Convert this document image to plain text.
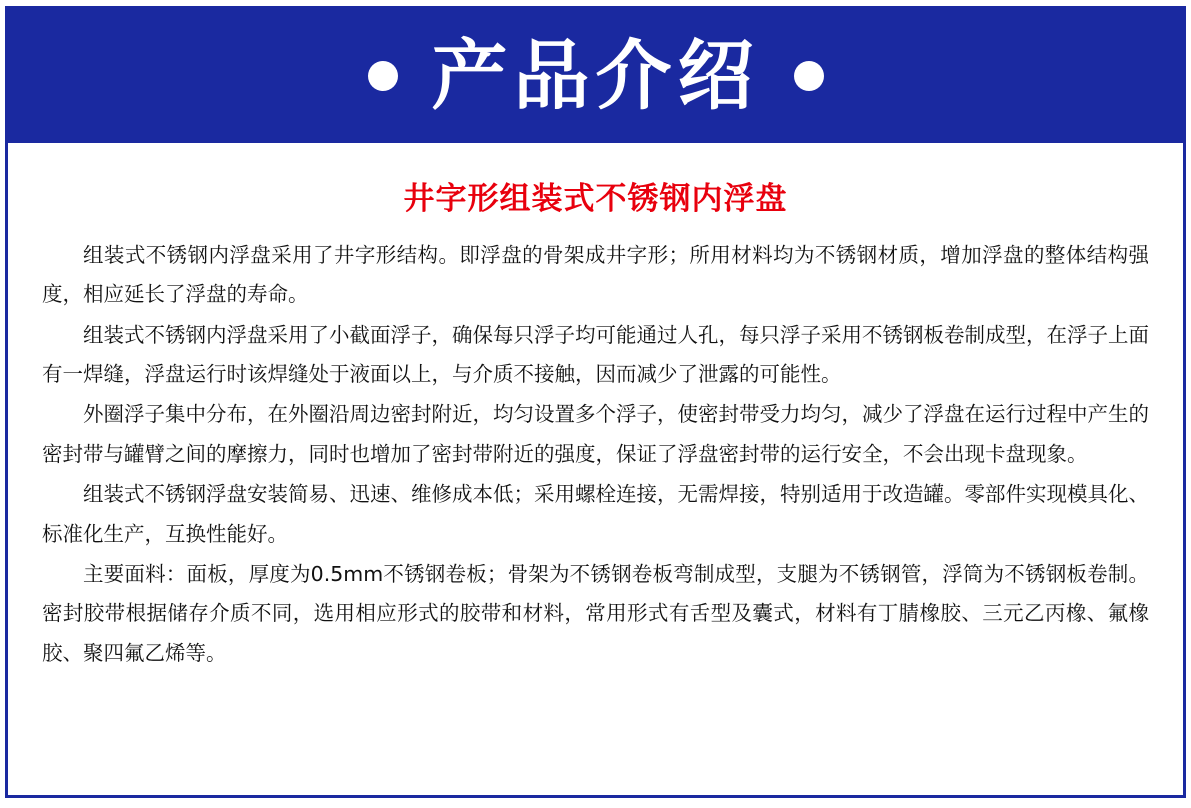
产品介绍
井字形组装式不锈钢内浮盘

组装式不锈钢内浮盘采用了井字形结构。即浮盘的骨架成井字形；所用材料均为不锈钢材质，增加浮盘的整体结构强度，相应延长了浮盘的寿命。

组装式不锈钢内浮盘采用了小截面浮子，确保每只浮子均可能通过人孔，每只浮子采用不锈钢板卷制成型，在浮子上面有一焊缝，浮盘运行时该焊缝处于液面以上，与介质不接触，因而减少了泄露的可能性。

外圈浮子集中分布，在外圈沿周边密封附近，均匀设置多个浮子，使密封带受力均匀，减少了浮盘在运行过程中产生的密封带与罐臂之间的摩擦力，同时也增加了密封带附近的强度，保证了浮盘密封带的运行安全，不会出现卡盘现象。

组装式不锈钢浮盘安装简易、迅速、维修成本低；采用螺栓连接，无需焊接，特别适用于改造罐。零部件实现模具化、标准化生产，互换性能好。

主要面料：面板，厚度为0.5mm不锈钢卷板；骨架为不锈钢卷板弯制成型，支腿为不锈钢管，浮筒为不锈钢板卷制。密封胶带根据储存介质不同，选用相应形式的胶带和材料，常用形式有舌型及囊式，材料有丁腈橡胶、三元乙丙橡、氟橡胶、聚四氟乙烯等。
